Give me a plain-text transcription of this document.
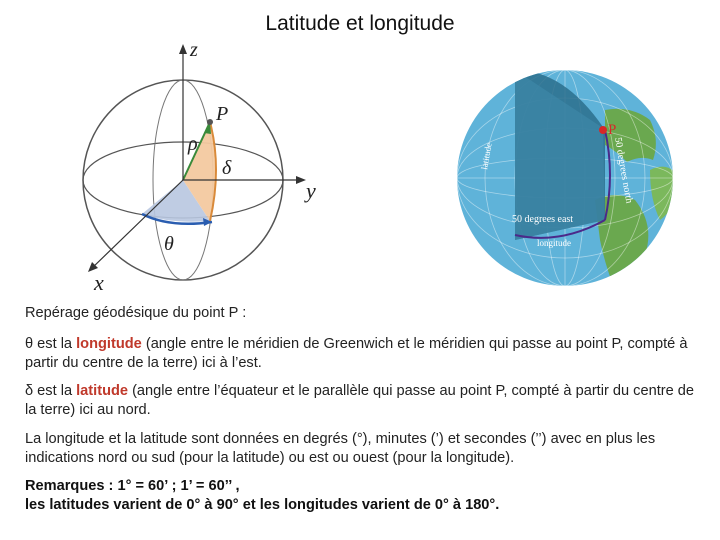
Latitude et longitude
z
P
ρ
δ
y
θ
x
P
latitude	50 degrees north
50 degrees east
longitude
Repérage géodésique du point P :
θ est la longitude (angle entre le méridien de Greenwich et le méridien qui passe au point P, compté à partir du centre de la terre) ici à l’est.
δ est la latitude (angle entre l’équateur et le parallèle qui passe au point P, compté à partir du centre de la terre) ici au nord.
La longitude et la latitude sont données en degrés (°), minutes (’) et secondes (’’) avec en plus les indications nord ou sud (pour la latitude) ou est ou ouest (pour la longitude).
Remarques : 1° = 60’ ; 1’ = 60’’ ,
les latitudes varient de 0° à 90° et les longitudes varient de 0° à 180°.
